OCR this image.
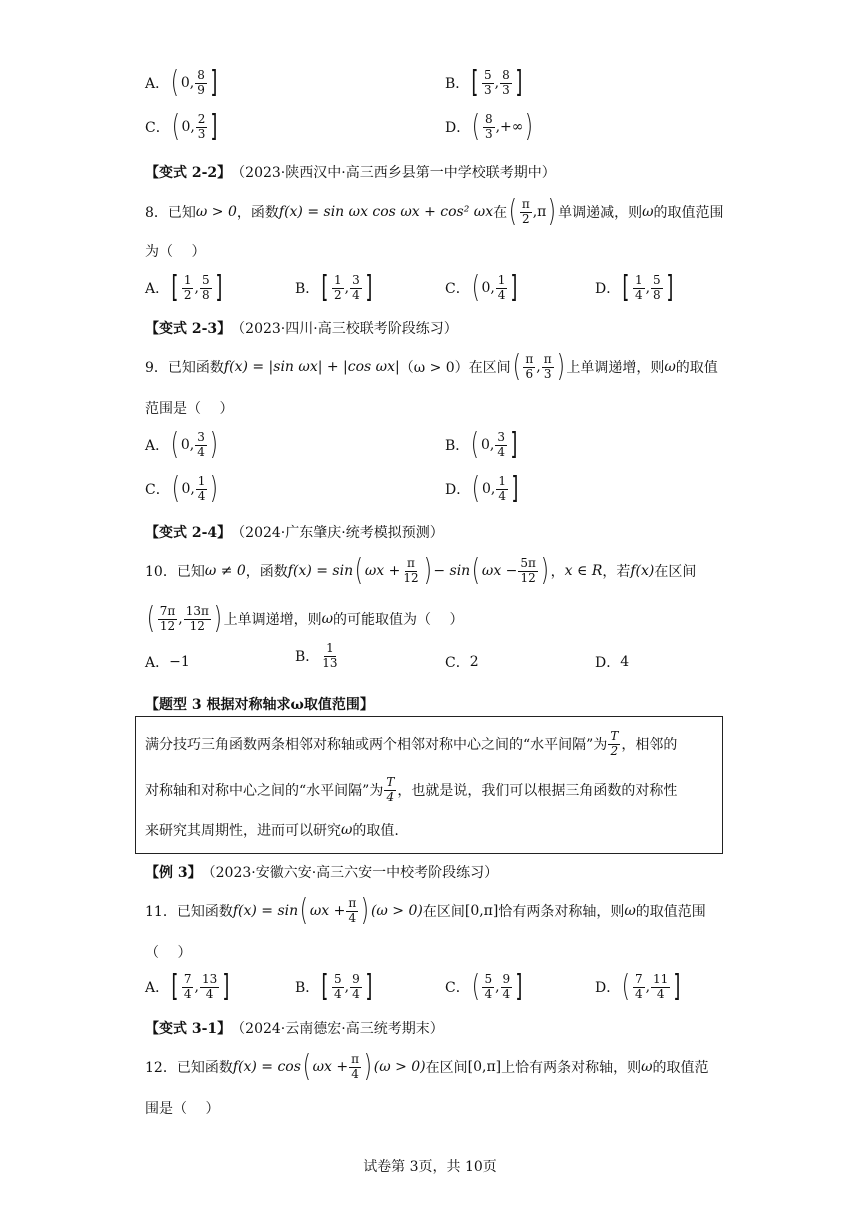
A． ( 0, $\frac{8}{9}$ ]	B． [ $\frac{5}{3}$ , $\frac{8}{3}$ ]
C． ( 0, $\frac{2}{3}$ ]	D． ( $\frac{8}{3}$ ,+∞ )
【变式 2-2】 （2023·陕西汉中·高三西乡县第一中学校联考期中）
8．已知 ω > 0 ，函数 f(x) = sin ωx cos ωx + cos² ωx 在 ( $\frac{\pi}{2} ,\pi$ ) 单调递减，则 ω 的取值范围
为（　 ）
A． [ $\frac{1}{2}$ , $\frac{5}{8}$ ]	B． [ $\frac{1}{2}$ , $\frac{3}{4}$ ]	C． ( 0, $\frac{1}{4}$ ]	D． [ $\frac{1}{4}$ , $\frac{5}{8}$ ]
【变式 2-3】 （2023·四川·高三校联考阶段练习）
9．已知函数 f(x) = |sin ωx| + |cos ωx| （ω > 0） 在区间 ( $\frac{\pi}{6}$ , $\frac{\pi}{3}$ ) 上单调递增，则 ω 的取值
范围是（　 ）
A． ( 0, $\frac{3}{4}$ )	B． ( 0, $\frac{3}{4}$ ]
C． ( 0, $\frac{1}{4}$ )	D． ( 0, $\frac{1}{4}$ ]
【变式 2-4】 （2024·广东肇庆·统考模拟预测）
10．已知 ω ≠ 0 ，函数 f(x) = sin ( $\omega x + \frac{\pi}{12}$ ) − sin ( $\omega x - \frac{5\pi}{12}$ ) ， x ∈ R ，若 f(x) 在区间
( $\frac{7\pi}{12}$ , $\frac{13\pi}{12}$ ) 上单调递增，则 ω 的可能取值为（　 ）
A． −1	B． $\frac{1}{13}$	C． 2	D． 4
【题型 3 根据对称轴求ω取值范围】
满分技巧三角函数两条相邻对称轴或两个相邻对称中心之间的“水平间隔”为 $\frac{T}{2}$ ，相邻的
对称轴和对称中心之间的“水平间隔”为 $\frac{T}{4}$ ，也就是说，我们可以根据三角函数的对称性
来研究其周期性，进而可以研究 ω 的取值.
【例 3】 （2023·安徽六安·高三六安一中校考阶段练习）
11．已知函数 f(x) = sin ( $\omega x + \frac{\pi}{4}$ ) (ω > 0) 在区间 [0,π] 恰有两条对称轴，则 ω 的取值范围
（　 ）
A． [ $\frac{7}{4}$ , $\frac{13}{4}$ ]	B． [ $\frac{5}{4}$ , $\frac{9}{4}$ ]	C． ( $\frac{5}{4}$ , $\frac{9}{4}$ ]	D． ( $\frac{7}{4}$ , $\frac{11}{4}$ ]
【变式 3-1】 （2024·云南德宏·高三统考期末）
12．已知函数 f(x) = cos ( $\omega x + \frac{\pi}{4}$ ) (ω > 0) 在区间 [0,π] 上恰有两条对称轴，则 ω 的取值范
围是（　 ）
试卷第 3页，共 10页
